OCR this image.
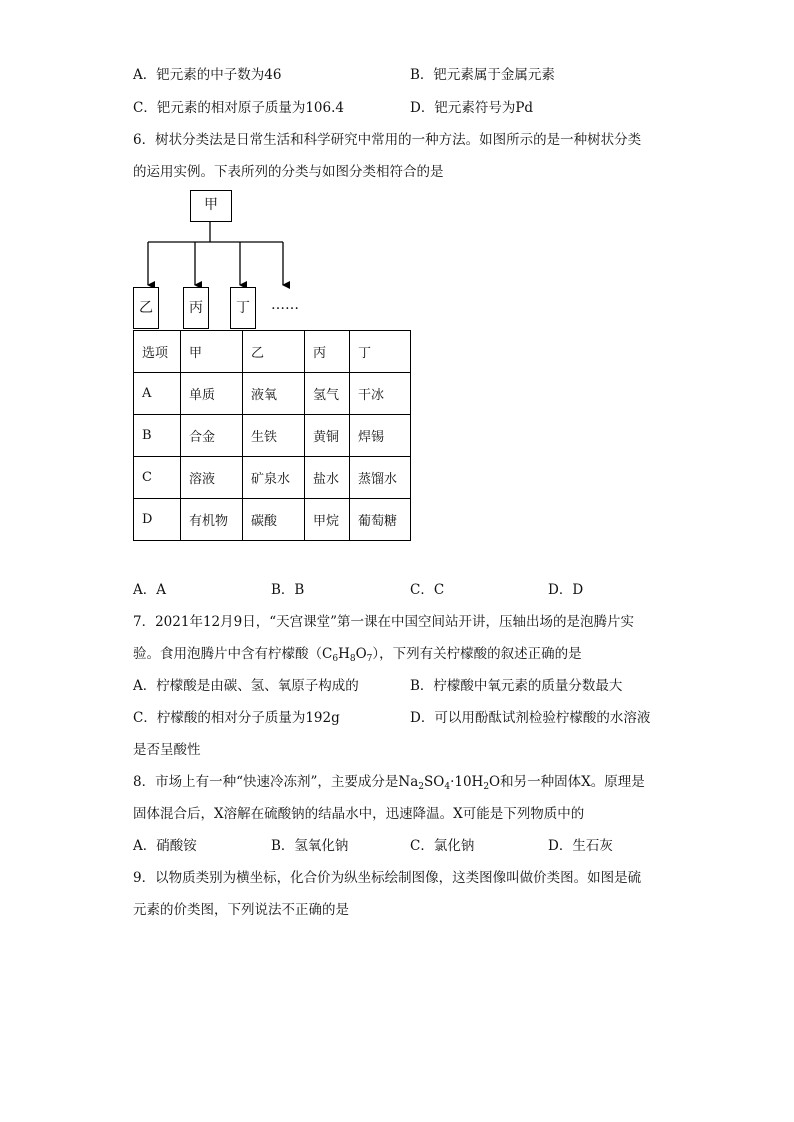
A．钯元素的中子数为46	B．钯元素属于金属元素
C．钯元素的相对原子质量为106.4	D．钯元素符号为Pd
6．树状分类法是日常生活和科学研究中常用的一种方法。如图所示的是一种树状分类
的运用实例。下表所列的分类与如图分类相符合的是
甲
乙	丙	丁	……
选项	甲	乙	丙	丁
A	单质	液氧	氢气	干冰
B	合金	生铁	黄铜	焊锡
C	溶液	矿泉水	盐水	蒸馏水
D	有机物	碳酸	甲烷	葡萄糖
A．A	B．B	C．C	D．D
7．2021年12月9日，“天宫课堂”第一课在中国空间站开讲，压轴出场的是泡腾片实
验。食用泡腾片中含有柠檬酸$(C_6H_8O_7)$，下列有关柠檬酸的叙述正确的是
A．柠檬酸是由碳、氢、氧原子构成的	B．柠檬酸中氧元素的质量分数最大
C．柠檬酸的相对分子质量为192g	D．可以用酚酞试剂检验柠檬酸的水溶液
是否呈酸性
8．市场上有一种“快速冷冻剂”，主要成分是$Na_2SO_4\cdot 10H_2O$和另一种固体X。原理是
固体混合后，X溶解在硫酸钠的结晶水中，迅速降温。X可能是下列物质中的
A．硝酸铵	B．氢氧化钠	C．氯化钠	D．生石灰
9．以物质类别为横坐标，化合价为纵坐标绘制图像，这类图像叫做价类图。如图是硫
元素的价类图，下列说法不正确的是
